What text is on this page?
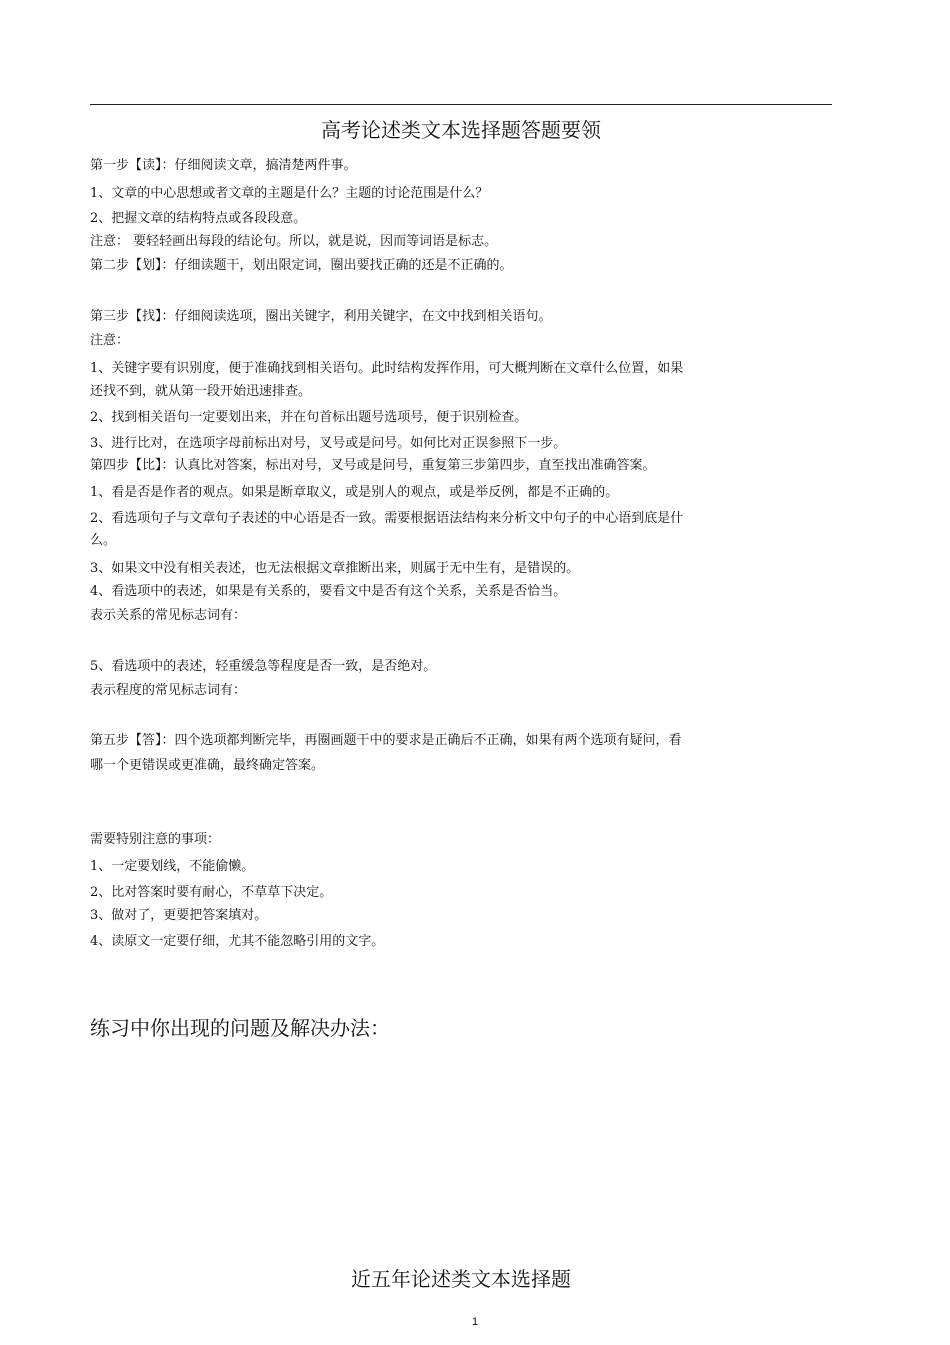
高考论述类文本选择题答题要领
第一步【读】：仔细阅读文章，搞清楚两件事。
1、文章的中心思想或者文章的主题是什么？主题的讨论范围是什么？
2、把握文章的结构特点或各段段意。
注意： 要轻轻画出每段的结论句。所以，就是说，因而等词语是标志。
第二步【划】：仔细读题干，划出限定词，圈出要找正确的还是不正确的。
第三步【找】：仔细阅读选项，圈出关键字，利用关键字，在文中找到相关语句。
注意：
1、关键字要有识别度，便于准确找到相关语句。此时结构发挥作用，可大概判断在文章什么位置，如果
还找不到，就从第一段开始迅速排查。
2、找到相关语句一定要划出来，并在句首标出题号选项号，便于识别检查。
3、进行比对，在选项字母前标出对号，叉号或是问号。如何比对正误参照下一步。
第四步【比】：认真比对答案，标出对号，叉号或是问号，重复第三步第四步，直至找出准确答案。
1、看是否是作者的观点。如果是断章取义，或是别人的观点，或是举反例，都是不正确的。
2、看选项句子与文章句子表述的中心语是否一致。需要根据语法结构来分析文中句子的中心语到底是什
么。
3、如果文中没有相关表述，也无法根据文章推断出来，则属于无中生有，是错误的。
4、看选项中的表述，如果是有关系的，要看文中是否有这个关系，关系是否恰当。
表示关系的常见标志词有：
5、看选项中的表述，轻重缓急等程度是否一致，是否绝对。
表示程度的常见标志词有：
第五步【答】：四个选项都判断完毕，再圈画题干中的要求是正确后不正确，如果有两个选项有疑问，看
哪一个更错误或更准确，最终确定答案。
需要特别注意的事项：
1、一定要划线，不能偷懒。
2、比对答案时要有耐心，不草草下决定。
3、做对了，更要把答案填对。
4、读原文一定要仔细，尤其不能忽略引用的文字。
练习中你出现的问题及解决办法：
近五年论述类文本选择题
1
